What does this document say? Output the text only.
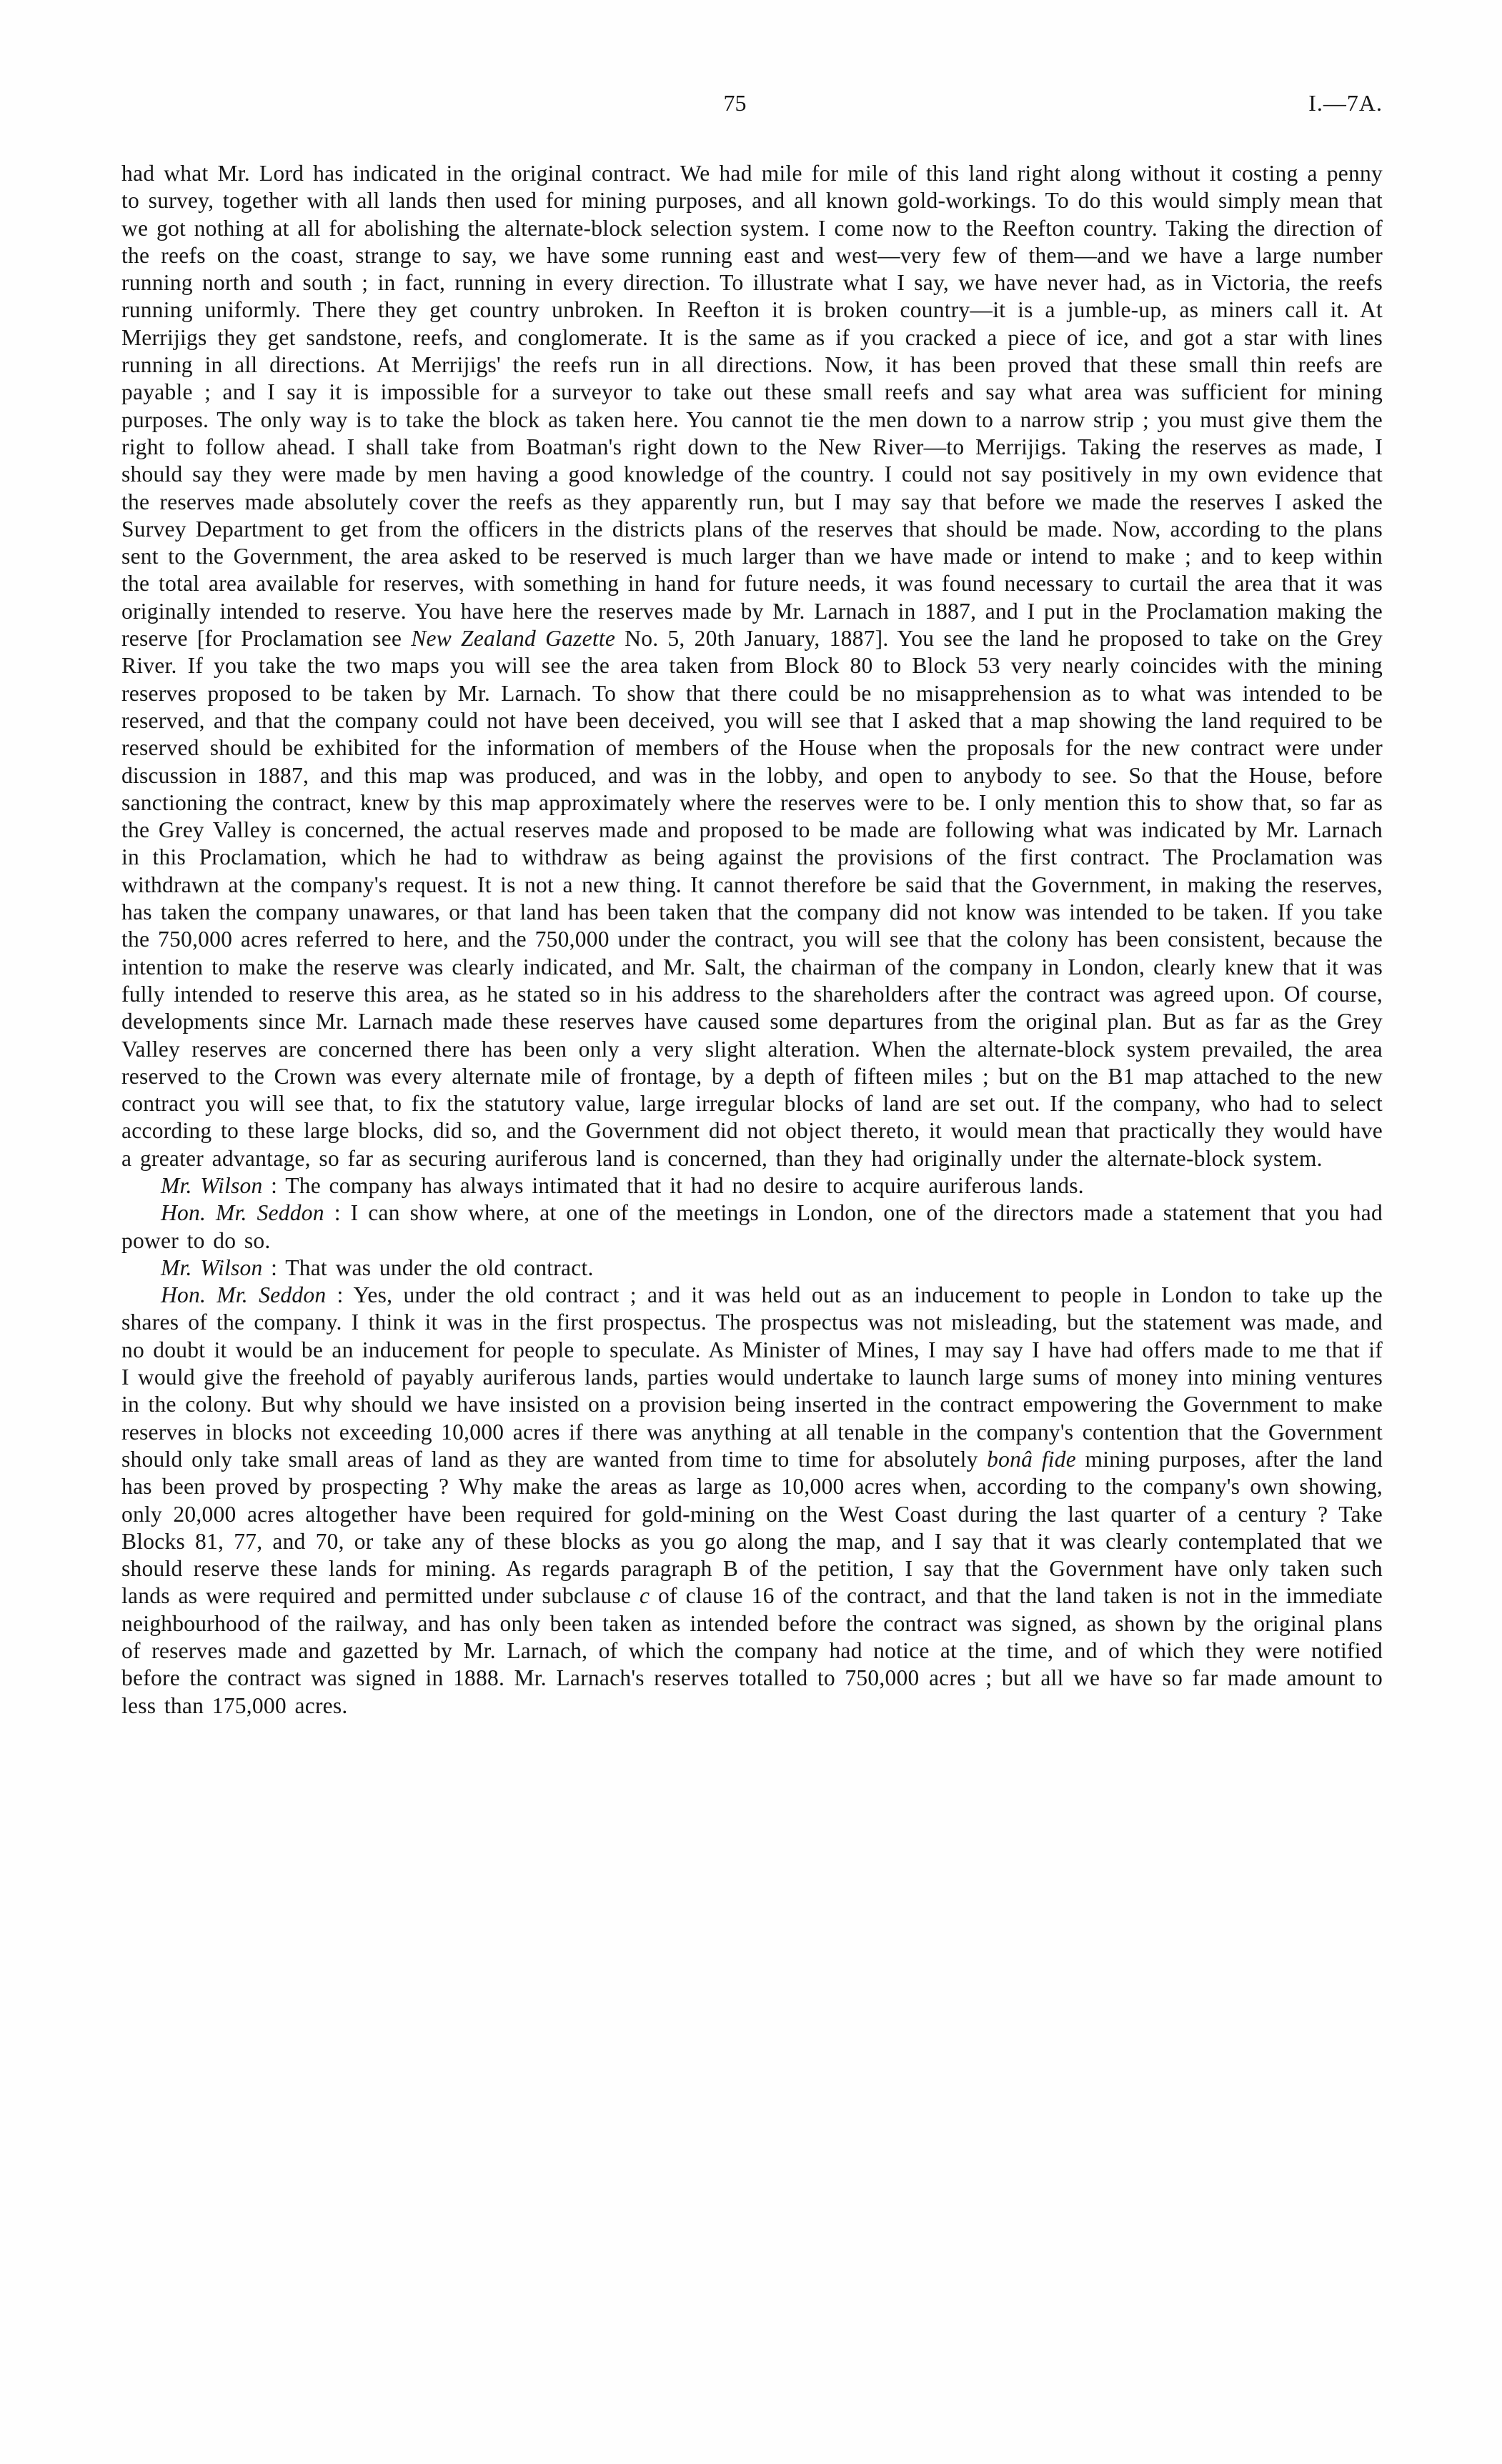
75	I.—7A.

had what Mr. Lord has indicated in the original contract. We had mile for mile of this land right along without it costing a penny to survey, together with all lands then used for mining purposes, and all known gold-workings. To do this would simply mean that we got nothing at all for abolishing the alternate-block selection system. I come now to the Reefton country. Taking the direction of the reefs on the coast, strange to say, we have some running east and west—very few of them—and we have a large number running north and south ; in fact, running in every direction. To illustrate what I say, we have never had, as in Victoria, the reefs running uniformly. There they get country unbroken. In Reefton it is broken country—it is a jumble-up, as miners call it. At Merrijigs they get sandstone, reefs, and conglomerate. It is the same as if you cracked a piece of ice, and got a star with lines running in all directions. At Merrijigs' the reefs run in all directions. Now, it has been proved that these small thin reefs are payable ; and I say it is impossible for a surveyor to take out these small reefs and say what area was sufficient for mining purposes. The only way is to take the block as taken here. You cannot tie the men down to a narrow strip ; you must give them the right to follow ahead. I shall take from Boatman's right down to the New River—to Merrijigs. Taking the reserves as made, I should say they were made by men having a good knowledge of the country. I could not say positively in my own evidence that the reserves made absolutely cover the reefs as they apparently run, but I may say that before we made the reserves I asked the Survey Department to get from the officers in the districts plans of the reserves that should be made. Now, according to the plans sent to the Government, the area asked to be reserved is much larger than we have made or intend to make ; and to keep within the total area available for reserves, with something in hand for future needs, it was found necessary to curtail the area that it was originally intended to reserve. You have here the reserves made by Mr. Larnach in 1887, and I put in the Proclamation making the reserve [for Proclamation see New Zealand Gazette No. 5, 20th January, 1887]. You see the land he proposed to take on the Grey River. If you take the two maps you will see the area taken from Block 80 to Block 53 very nearly coincides with the mining reserves proposed to be taken by Mr. Larnach. To show that there could be no misapprehension as to what was intended to be reserved, and that the company could not have been deceived, you will see that I asked that a map showing the land required to be reserved should be exhibited for the information of members of the House when the proposals for the new contract were under discussion in 1887, and this map was produced, and was in the lobby, and open to anybody to see. So that the House, before sanctioning the contract, knew by this map approximately where the reserves were to be. I only mention this to show that, so far as the Grey Valley is concerned, the actual reserves made and proposed to be made are following what was indicated by Mr. Larnach in this Proclamation, which he had to withdraw as being against the provisions of the first contract. The Proclamation was withdrawn at the company's request. It is not a new thing. It cannot therefore be said that the Government, in making the reserves, has taken the company unawares, or that land has been taken that the company did not know was intended to be taken. If you take the 750,000 acres referred to here, and the 750,000 under the contract, you will see that the colony has been consistent, because the intention to make the reserve was clearly indicated, and Mr. Salt, the chairman of the company in London, clearly knew that it was fully intended to reserve this area, as he stated so in his address to the shareholders after the contract was agreed upon. Of course, developments since Mr. Larnach made these reserves have caused some departures from the original plan. But as far as the Grey Valley reserves are concerned there has been only a very slight alteration. When the alternate-block system prevailed, the area reserved to the Crown was every alternate mile of frontage, by a depth of fifteen miles ; but on the B1 map attached to the new contract you will see that, to fix the statutory value, large irregular blocks of land are set out. If the company, who had to select according to these large blocks, did so, and the Government did not object thereto, it would mean that practically they would have a greater advantage, so far as securing auriferous land is concerned, than they had originally under the alternate-block system.

Mr. Wilson : The company has always intimated that it had no desire to acquire auriferous lands.

Hon. Mr. Seddon : I can show where, at one of the meetings in London, one of the directors made a statement that you had power to do so.

Mr. Wilson : That was under the old contract.

Hon. Mr. Seddon : Yes, under the old contract ; and it was held out as an inducement to people in London to take up the shares of the company. I think it was in the first prospectus. The prospectus was not misleading, but the statement was made, and no doubt it would be an inducement for people to speculate. As Minister of Mines, I may say I have had offers made to me that if I would give the freehold of payably auriferous lands, parties would undertake to launch large sums of money into mining ventures in the colony. But why should we have insisted on a provision being inserted in the contract empowering the Government to make reserves in blocks not exceeding 10,000 acres if there was anything at all tenable in the company's contention that the Government should only take small areas of land as they are wanted from time to time for absolutely bonâ fide mining purposes, after the land has been proved by prospecting ? Why make the areas as large as 10,000 acres when, according to the company's own showing, only 20,000 acres altogether have been required for gold-mining on the West Coast during the last quarter of a century ? Take Blocks 81, 77, and 70, or take any of these blocks as you go along the map, and I say that it was clearly contemplated that we should reserve these lands for mining. As regards paragraph B of the petition, I say that the Government have only taken such lands as were required and permitted under subclause c of clause 16 of the contract, and that the land taken is not in the immediate neighbourhood of the railway, and has only been taken as intended before the contract was signed, as shown by the original plans of reserves made and gazetted by Mr. Larnach, of which the company had notice at the time, and of which they were notified before the contract was signed in 1888. Mr. Larnach's reserves totalled to 750,000 acres ; but all we have so far made amount to less than 175,000 acres.
